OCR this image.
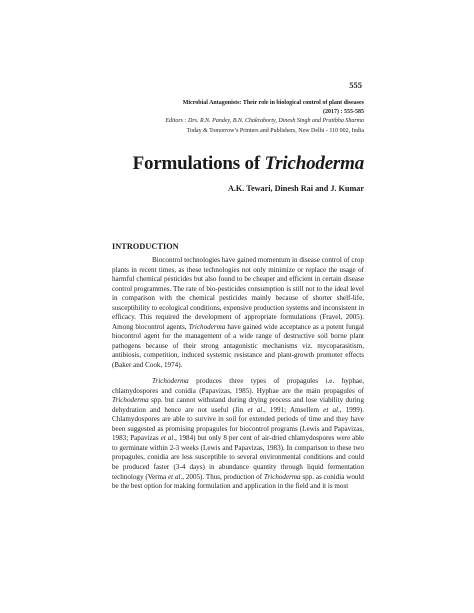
555
Microbial Antagonists: Their role in biological control of plant diseases
(2017) : 555-585
Editors : Drs. R.N. Pandey, B.N. Chakraborty, Dinesh Singh and Pratibha Sharma
Today & Tomorrow’s Printers and Publishers, New Delhi - 110 002, India
Formulations of Trichoderma
A.K. Tewari, Dinesh Rai and J. Kumar
INTRODUCTION

Biocontrol technologies have gained momentum in disease control of crop plants in recent times, as these technologies not only minimize or replace the usage of harmful chemical pesticides but also found to be cheaper and efficient in certain disease control programmes. The rate of bio-pesticides consumption is still not to the ideal level in comparison with the chemical pesticides mainly because of shorter shelf-life, susceptibility to ecological conditions, expensive production systems and inconsistent in efficacy. This required the development of appropriate formulations (Fravel, 2005). Among biocontrol agents, Trichoderma have gained wide acceptance as a potent fungal biocontrol agent for the management of a wide range of destructive soil borne plant pathogens because of their strong antagonistic mechanisms viz. mycoparasitism, antibiosis, competition, induced systemic resistance and plant-growth promoter effects (Baker and Cook, 1974).

Trichoderma produces three types of propagules i.e. hyphae, chlamydospores and conidia (Papavizas, 1985). Hyphae are the main propagules of Trichoderma spp. but cannot withstand during drying process and lose viability during dehydration and hence are not useful (Jin et al., 1991; Amsellem et al., 1999). Chlamydospores are able to survive in soil for extended periods of time and they have been suggested as promising propagules for biocontrol programs (Lewis and Papavizas, 1983; Papavizas et al., 1984) but only 8 per cent of air-dried chlamydospores were able to germinate within 2-3 weeks (Lewis and Papavizas, 1983). In comparison to these two propagules, conidia are less susceptible to several environmental conditions and could be produced faster (3-4 days) in abundance quantity through liquid fermentation technology (Verma et al., 2005). Thus, production of Trichoderma spp. as conidia would be the best option for making formulation and application in the field and it is most
